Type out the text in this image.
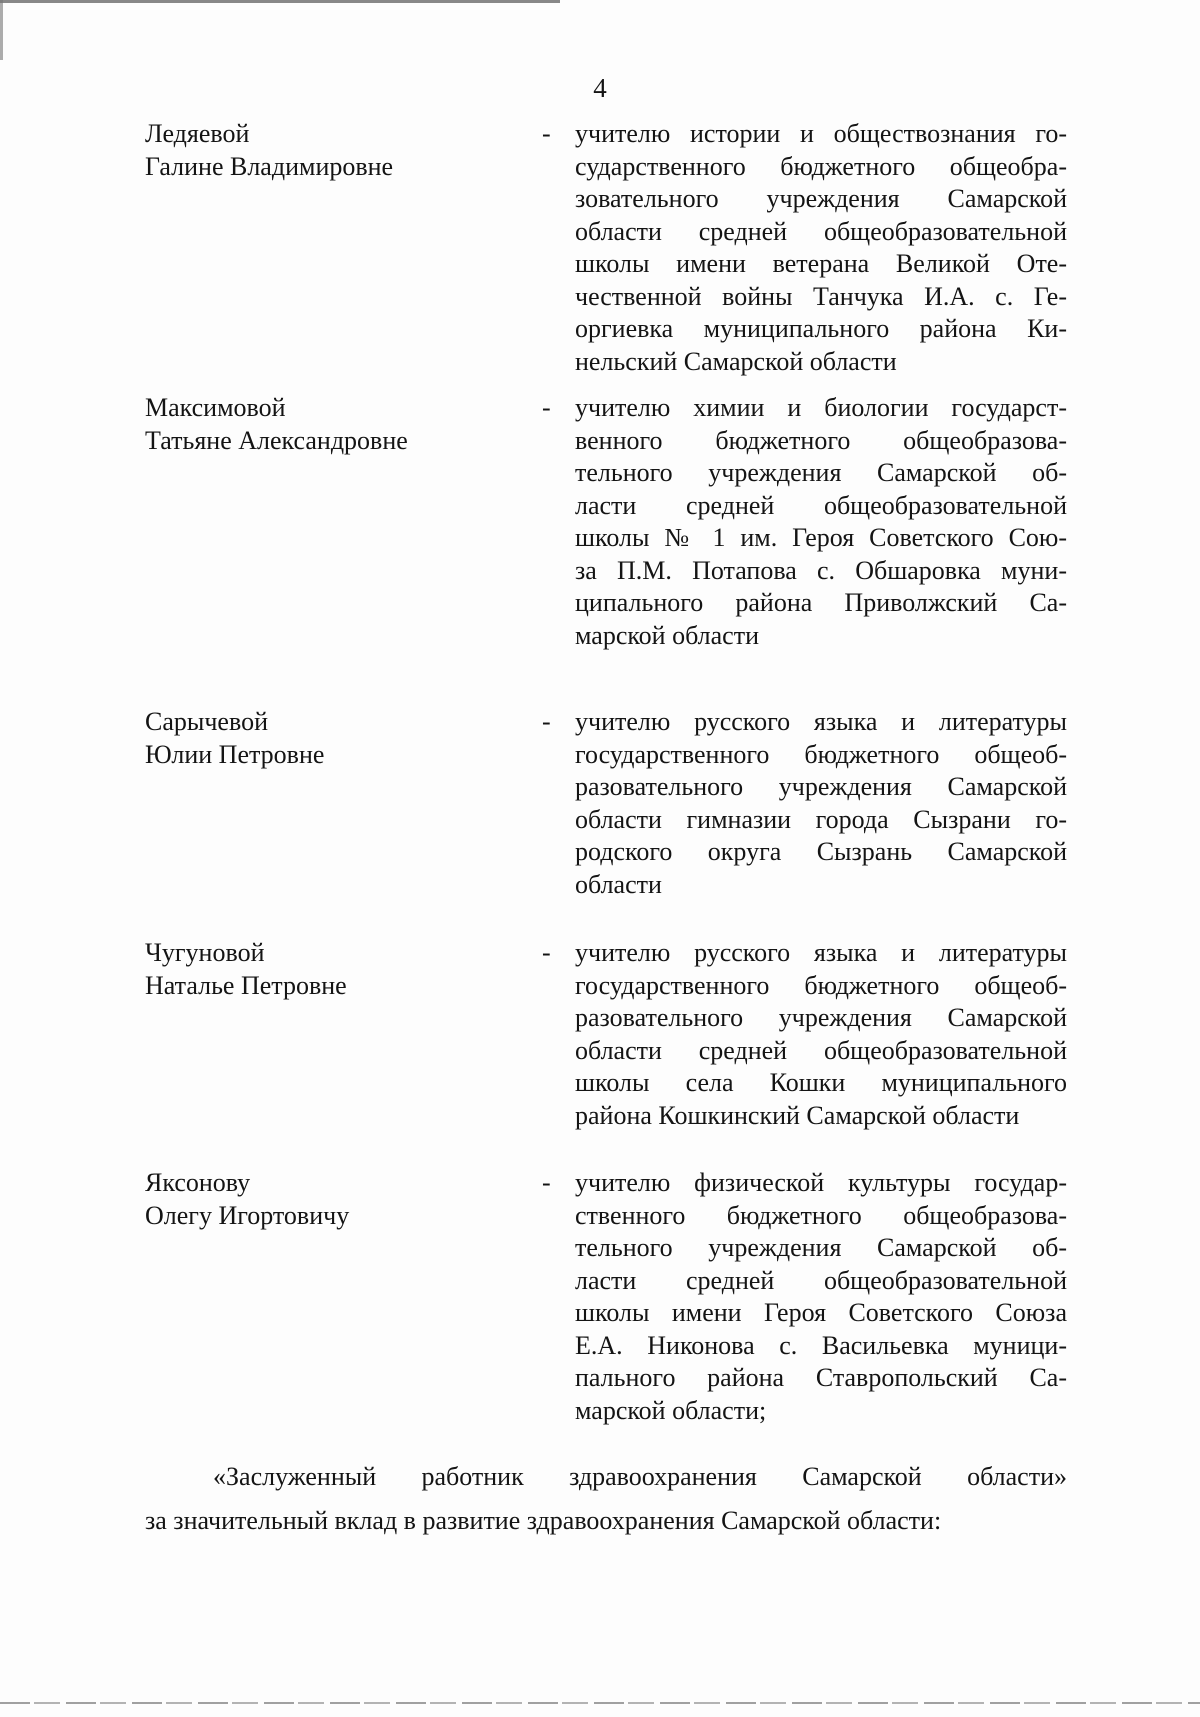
4
Ледяевой
Галине Владимировне
- учителю истории и обществознания го-
сударственного бюджетного общеобра-
зовательного учреждения Самарской
области средней общеобразовательной
школы имени ветерана Великой Оте-
чественной войны Танчука И.А. с. Ге-
оргиевка муниципального района Ки-
нельский Самарской области
Максимовой
Татьяне Александровне
- учителю химии и биологии государст-
венного бюджетного общеобразова-
тельного учреждения Самарской об-
ласти средней общеобразовательной
школы № 1 им. Героя Советского Сою-
за П.М. Потапова с. Обшаровка муни-
ципального района Приволжский Са-
марской области
Сарычевой
Юлии Петровне
- учителю русского языка и литературы
государственного бюджетного общеоб-
разовательного учреждения Самарской
области гимназии города Сызрани го-
родского округа Сызрань Самарской
области
Чугуновой
Наталье Петровне
- учителю русского языка и литературы
государственного бюджетного общеоб-
разовательного учреждения Самарской
области средней общеобразовательной
школы села Кошки муниципального
района Кошкинский Самарской области
Яксонову
Олегу Игортовичу
- учителю физической культуры государ-
ственного бюджетного общеобразова-
тельного учреждения Самарской об-
ласти средней общеобразовательной
школы имени Героя Советского Союза
Е.А. Никонова с. Васильевка муници-
пального района Ставропольский Са-
марской области;
«Заслуженный работник здравоохранения Самарской области»
за значительный вклад в развитие здравоохранения Самарской области:
